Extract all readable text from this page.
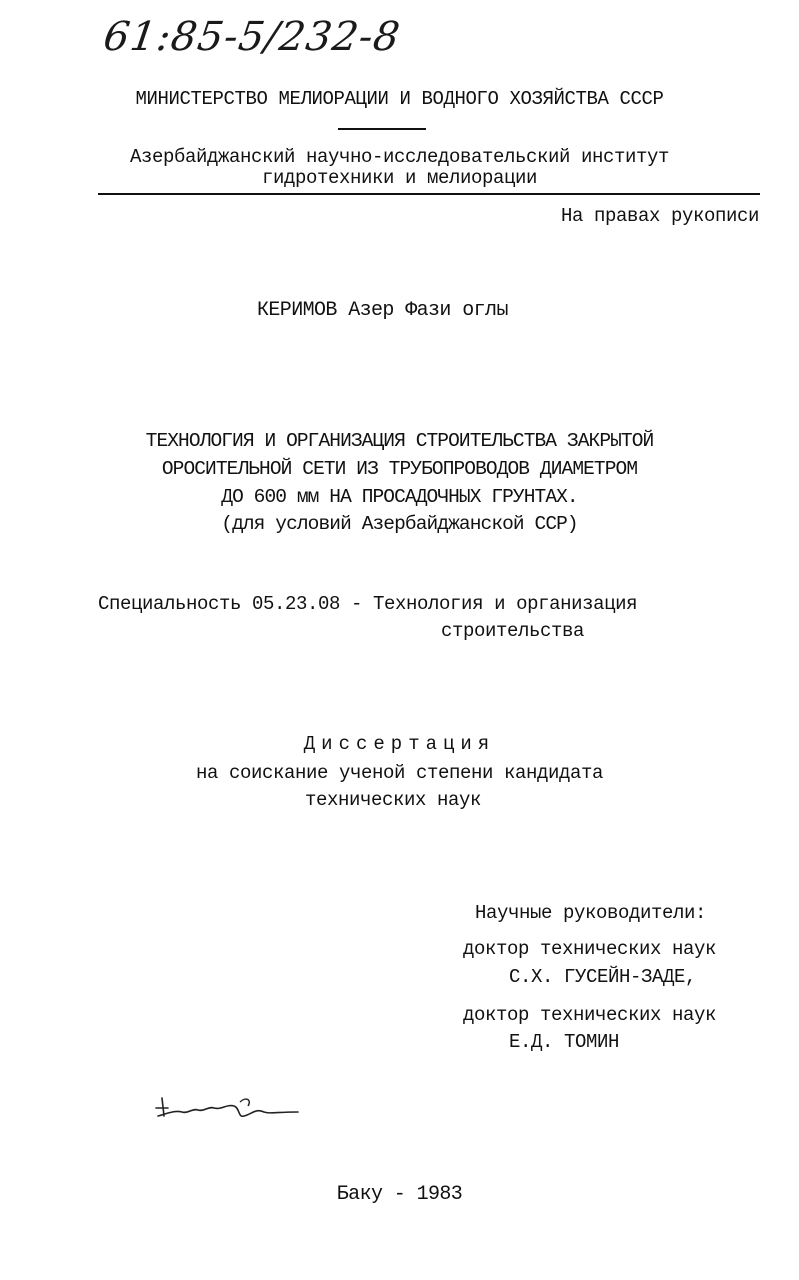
61:85-5/232-8
МИНИСТЕРСТВО МЕЛИОРАЦИИ И ВОДНОГО ХОЗЯЙСТВА СССР
Азербайджанский научно-исследовательский институт
гидротехники и мелиорации
На правах рукописи
КЕРИМОВ Азер Фази оглы
ТЕХНОЛОГИЯ И ОРГАНИЗАЦИЯ СТРОИТЕЛЬСТВА ЗАКРЫТОЙ
ОРОСИТЕЛЬНОЙ СЕТИ ИЗ ТРУБОПРОВОДОВ ДИАМЕТРОМ
ДО 600 мм НА ПРОСАДОЧНЫХ ГРУНТАХ.
(для условий Азербайджанской ССР)
Специальность 05.23.08 - Технология и организация
строительства
Диссертация
на соискание ученой степени кандидата
технических наук
Научные руководители:
доктор технических наук
С.Х. ГУСЕЙН-ЗАДЕ,
доктор технических наук
Е.Д. ТОМИН
Баку - 1983
